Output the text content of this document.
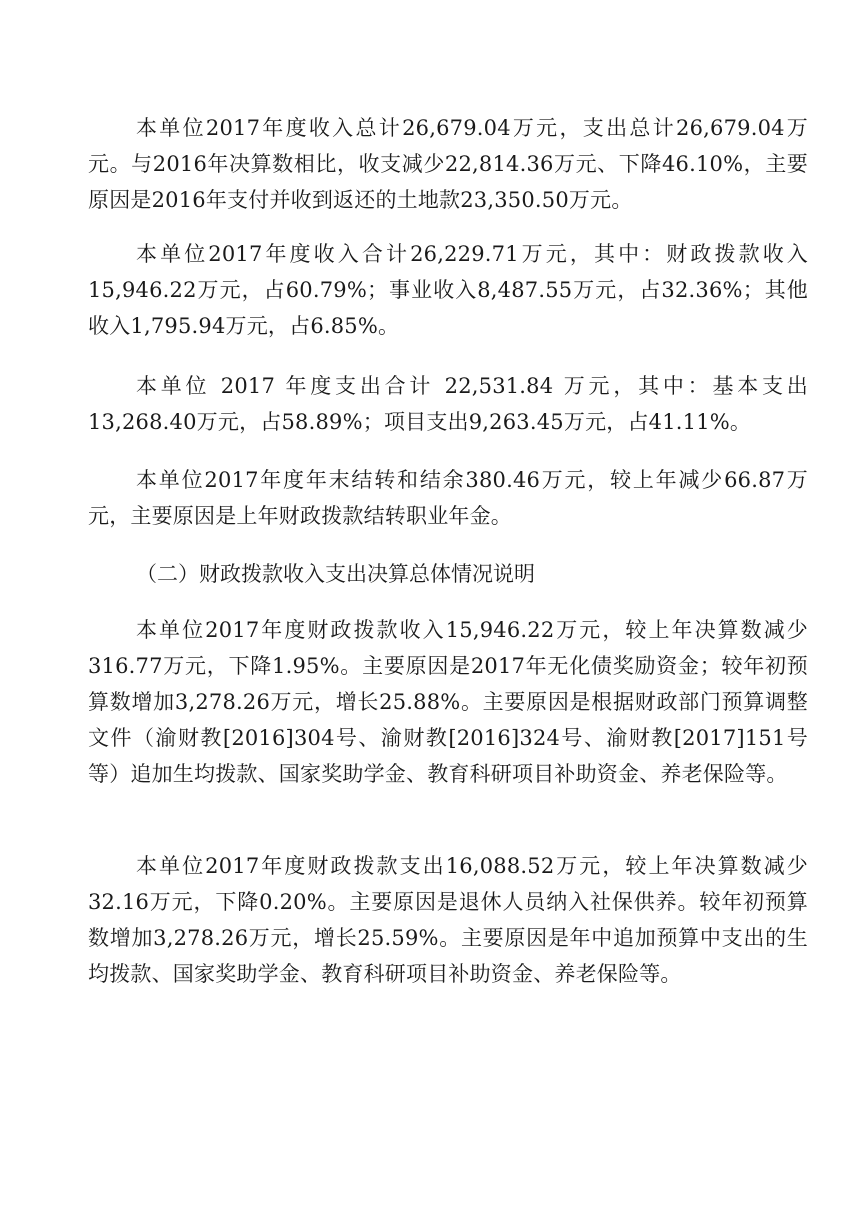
本单位2017年度收入总计26,679.04万元，支出总计26,679.04万元。与2016年决算数相比，收支减少22,814.36万元、下降46.10%，主要原因是2016年支付并收到返还的土地款23,350.50万元。

本单位2017年度收入合计26,229.71万元，其中：财政拨款收入15,946.22万元，占60.79%；事业收入8,487.55万元，占32.36%；其他收入1,795.94万元，占6.85%。

本单位 2017 年度支出合计 22,531.84 万元，其中：基本支出13,268.40万元，占58.89%；项目支出9,263.45万元，占41.11%。

本单位2017年度年末结转和结余380.46万元，较上年减少66.87万元，主要原因是上年财政拨款结转职业年金。

（二）财政拨款收入支出决算总体情况说明

本单位2017年度财政拨款收入15,946.22万元，较上年决算数减少316.77万元，下降1.95%。主要原因是2017年无化债奖励资金；较年初预算数增加3,278.26万元，增长25.88%。主要原因是根据财政部门预算调整文件（渝财教[2016]304号、渝财教[2016]324号、渝财教[2017]151号等）追加生均拨款、国家奖助学金、教育科研项目补助资金、养老保险等。

本单位2017年度财政拨款支出16,088.52万元，较上年决算数减少32.16万元，下降0.20%。主要原因是退休人员纳入社保供养。较年初预算数增加3,278.26万元，增长25.59%。主要原因是年中追加预算中支出的生均拨款、国家奖助学金、教育科研项目补助资金、养老保险等。
